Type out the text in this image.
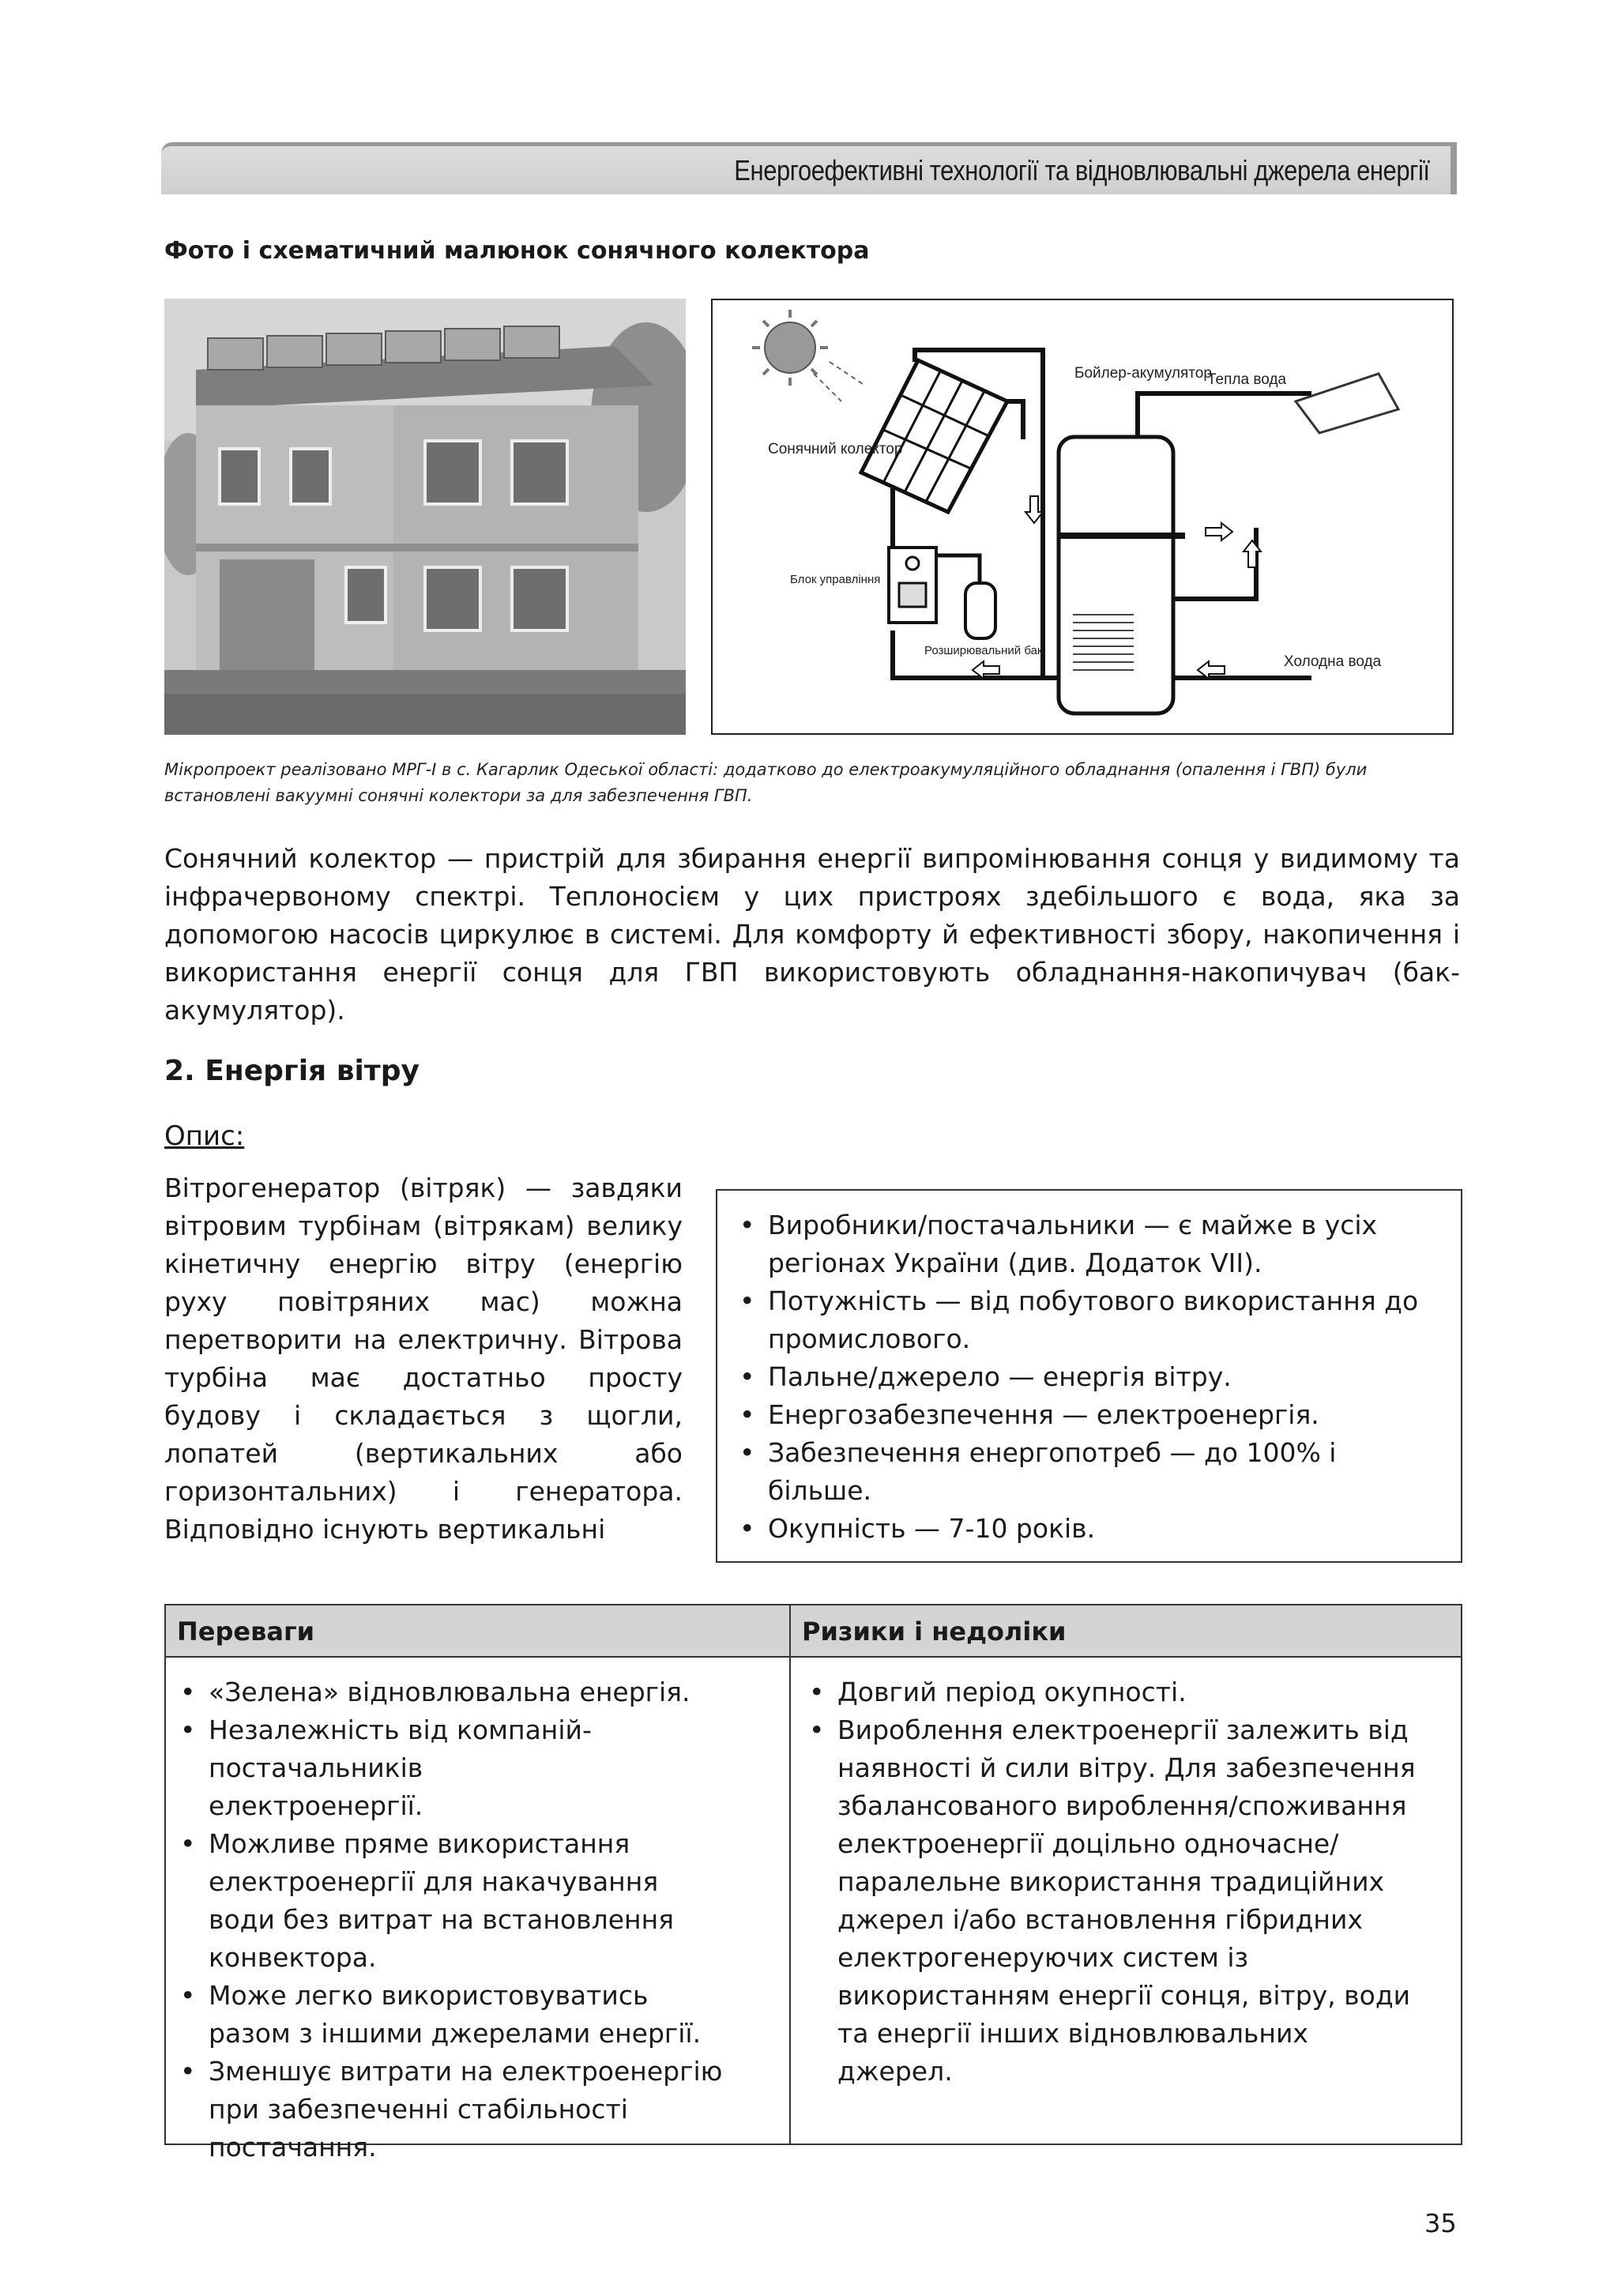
Енергоефективні технології та відновлювальні джерела енергії
Фото і схематичний малюнок сонячного колектора
Сонячний колектор
Блок управління
Розширювальний бак
Бойлер-акумулятор
Тепла вода
Холодна вода
Мікропроект реалізовано МРГ-І в с. Кагарлик Одеської області: додатково до електроакумуляційного обладнання (опалення і ГВП) були встановлені вакуумні сонячні колектори за для забезпечення ГВП.
Сонячний колектор — пристрій для збирання енергії випромінювання сонця у видимому та інфрачервоному спектрі. Теплоносієм у цих пристроях здебільшого є вода, яка за допомогою насосів циркулює в системі. Для комфорту й ефективності збору, накопичення і використання енергії сонця для ГВП використовують обладнання-накопичувач (бак-акумулятор).
2. Енергія вітру
Опис:
Вітрогенератор (вітряк) — завдяки вітровим турбінам (вітрякам) велику кінетичну енергію вітру (енергію руху повітряних мас) можна перетворити на електричну. Вітрова турбіна має достатньо просту будову і складається з щогли, лопатей (вертикальних або горизонтальних) і генератора. Відповідно існують вертикальні
• Виробники/постачальники — є майже в усіх регіонах України (див. Додаток VII).
• Потужність — від побутового використання до промислового.
• Пальне/джерело — енергія вітру.
• Енергозабезпечення — електроенергія.
• Забезпечення енергопотреб — до 100% і більше.
• Окупність — 7-10 років.
Переваги	Ризики і недоліки
• «Зелена» відновлювальна енергія.
• Незалежність від компаній-постачальників електроенергії.
• Можливе пряме використання електроенергії для накачування води без витрат на встановлення конвектора.
• Може легко використовуватись разом з іншими джерелами енергії.
• Зменшує витрати на електроенергію при забезпеченні стабільності постачання.
• Довгий період окупності.
• Вироблення електроенергії залежить від наявності й сили вітру. Для забезпечення збалансованого вироблення/споживання електроенергії доцільно одночасне/паралельне використання традиційних джерел і/або встановлення гібридних електрогенеруючих систем із використанням енергії сонця, вітру, води та енергії інших відновлювальних джерел.
35
